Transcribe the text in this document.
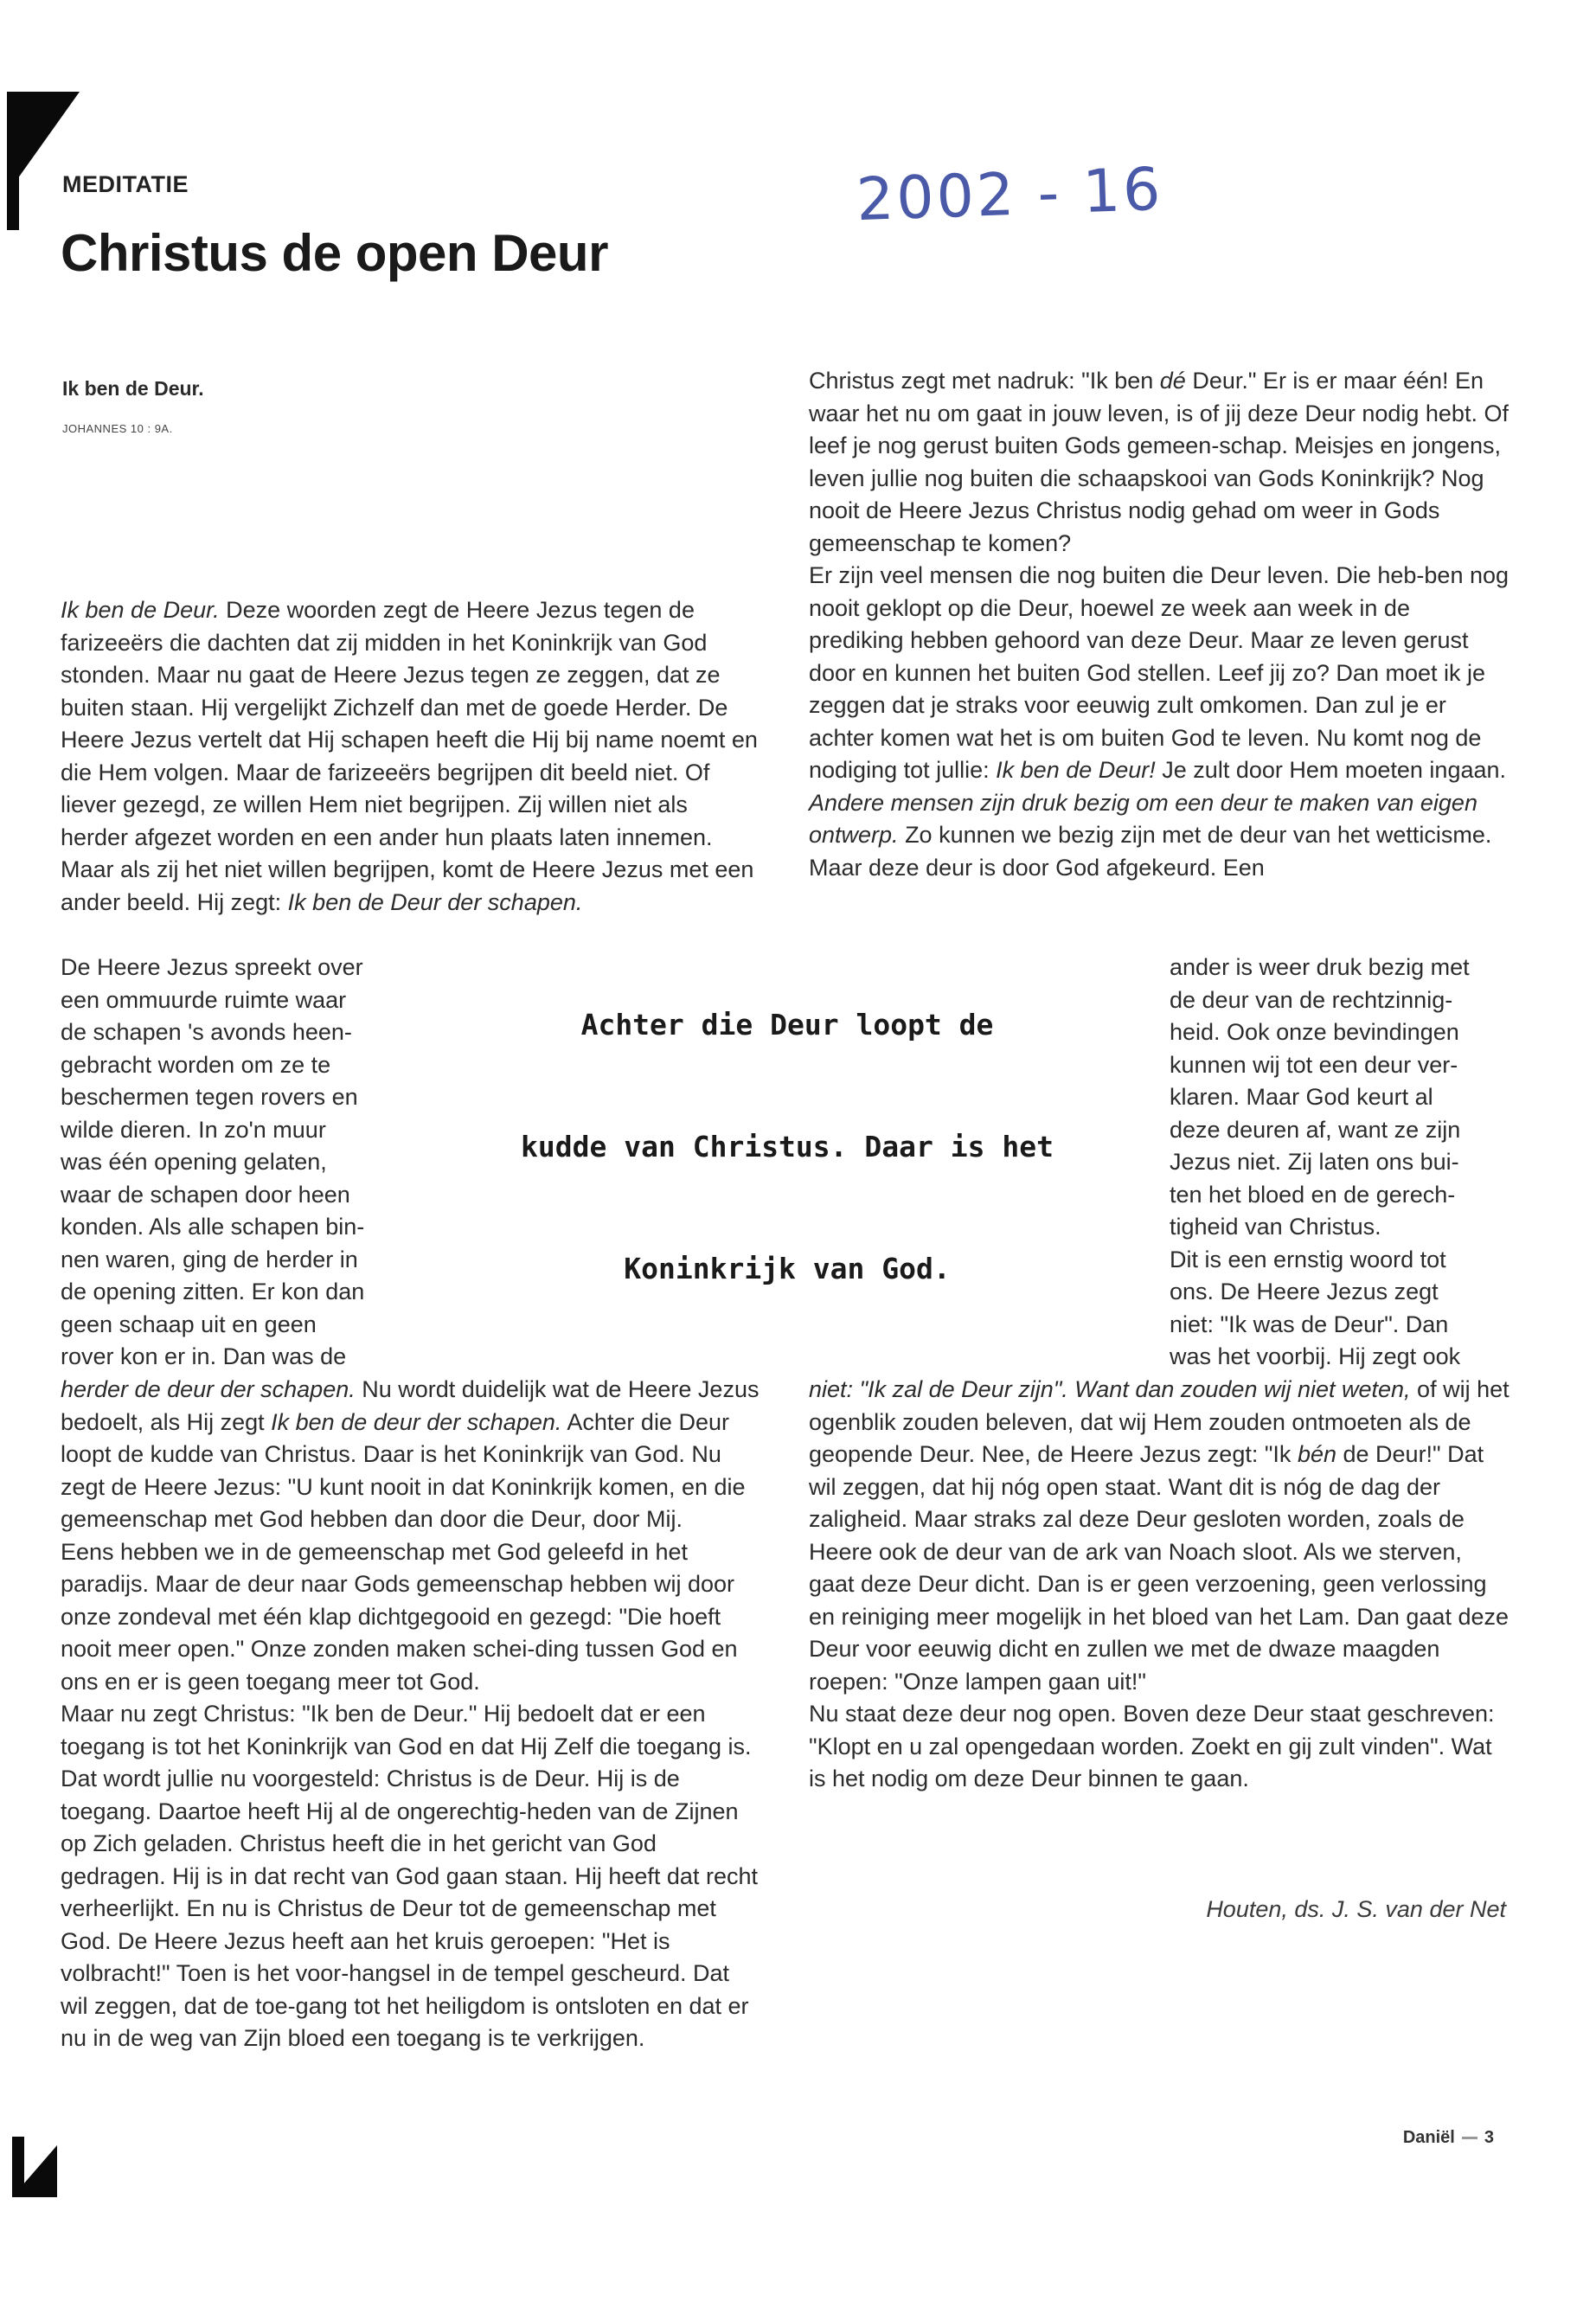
MEDITATIE
Christus de open Deur
2002 - 16
Ik ben de Deur.
JOHANNES 10 : 9A.

Ik ben de Deur. Deze woorden zegt de Heere Jezus tegen de farizeeërs die dachten dat zij midden in het Koninkrijk van God stonden. Maar nu gaat de Heere Jezus tegen ze zeggen, dat ze buiten staan. Hij vergelijkt Zichzelf dan met de goede Herder. De Heere Jezus vertelt dat Hij schapen heeft die Hij bij name noemt en die Hem volgen. Maar de farizeeërs begrijpen dit beeld niet. Of liever gezegd, ze willen Hem niet begrijpen. Zij willen niet als herder afgezet worden en een ander hun plaats laten innemen.

Maar als zij het niet willen begrijpen, komt de Heere Jezus met een ander beeld. Hij zegt: Ik ben de Deur der schapen.

De Heere Jezus spreekt over

een ommuurde ruimte waar

de schapen 's avonds heen-

gebracht worden om ze te

beschermen tegen rovers en

wilde dieren. In zo'n muur

was één opening gelaten,

waar de schapen door heen

konden. Als alle schapen bin-

nen waren, ging de herder in

de opening zitten. Er kon dan

geen schaap uit en geen

rover kon er in. Dan was de

herder de deur der schapen. Nu wordt duidelijk wat de Heere Jezus bedoelt, als Hij zegt Ik ben de deur der schapen. Achter die Deur loopt de kudde van Christus. Daar is het Koninkrijk van God. Nu zegt de Heere Jezus: "U kunt nooit in dat Koninkrijk komen, en die gemeenschap met God hebben dan door die Deur, door Mij.

Eens hebben we in de gemeenschap met God geleefd in het paradijs. Maar de deur naar Gods gemeenschap hebben wij door onze zondeval met één klap dichtgegooid en gezegd: "Die hoeft nooit meer open." Onze zonden maken schei-ding tussen God en ons en er is geen toegang meer tot God.

Maar nu zegt Christus: "Ik ben de Deur." Hij bedoelt dat er een toegang is tot het Koninkrijk van God en dat Hij Zelf die toegang is. Dat wordt jullie nu voorgesteld: Christus is de Deur. Hij is de toegang. Daartoe heeft Hij al de ongerechtig-heden van de Zijnen op Zich geladen. Christus heeft die in het gericht van God gedragen. Hij is in dat recht van God gaan staan. Hij heeft dat recht verheerlijkt. En nu is Christus de Deur tot de gemeenschap met God. De Heere Jezus heeft aan het kruis geroepen: "Het is volbracht!" Toen is het voor-hangsel in de tempel gescheurd. Dat wil zeggen, dat de toe-gang tot het heiligdom is ontsloten en dat er nu in de weg van Zijn bloed een toegang is te verkrijgen.

Achter die Deur loopt de
kudde van Christus. Daar is het
Koninkrijk van God.

Christus zegt met nadruk: "Ik ben dé Deur." Er is er maar één! En waar het nu om gaat in jouw leven, is of jij deze Deur nodig hebt. Of leef je nog gerust buiten Gods gemeen-schap. Meisjes en jongens, leven jullie nog buiten die schaapskooi van Gods Koninkrijk? Nog nooit de Heere Jezus Christus nodig gehad om weer in Gods gemeenschap te komen?

Er zijn veel mensen die nog buiten die Deur leven. Die heb-ben nog nooit geklopt op die Deur, hoewel ze week aan week in de prediking hebben gehoord van deze Deur. Maar ze leven gerust door en kunnen het buiten God stellen. Leef jij zo? Dan moet ik je zeggen dat je straks voor eeuwig zult omkomen. Dan zul je er achter komen wat het is om buiten God te leven. Nu komt nog de nodiging tot jullie: Ik ben de Deur! Je zult door Hem moeten ingaan.

Andere mensen zijn druk bezig om een deur te maken van eigen ontwerp. Zo kunnen we bezig zijn met de deur van het wetticisme. Maar deze deur is door God afgekeurd. Een

ander is weer druk bezig met

de deur van de rechtzinnig-

heid. Ook onze bevindingen

kunnen wij tot een deur ver-

klaren. Maar God keurt al

deze deuren af, want ze zijn

Jezus niet. Zij laten ons bui-

ten het bloed en de gerech-

tigheid van Christus.

Dit is een ernstig woord tot

ons. De Heere Jezus zegt

niet: "Ik was de Deur". Dan

was het voorbij. Hij zegt ook

niet: "Ik zal de Deur zijn". Want dan zouden wij niet weten, of wij het ogenblik zouden beleven, dat wij Hem zouden ontmoeten als de geopende Deur. Nee, de Heere Jezus zegt: "Ik bén de Deur!" Dat wil zeggen, dat hij nóg open staat. Want dit is nóg de dag der zaligheid. Maar straks zal deze Deur gesloten worden, zoals de Heere ook de deur van de ark van Noach sloot. Als we sterven, gaat deze Deur dicht. Dan is er geen verzoening, geen verlossing en reiniging meer mogelijk in het bloed van het Lam. Dan gaat deze Deur voor eeuwig dicht en zullen we met de dwaze maagden roepen: "Onze lampen gaan uit!"

Nu staat deze deur nog open. Boven deze Deur staat geschreven: "Klopt en u zal opengedaan worden. Zoekt en gij zult vinden". Wat is het nodig om deze Deur binnen te gaan.

Houten, ds. J. S. van der Net
Daniël 3
